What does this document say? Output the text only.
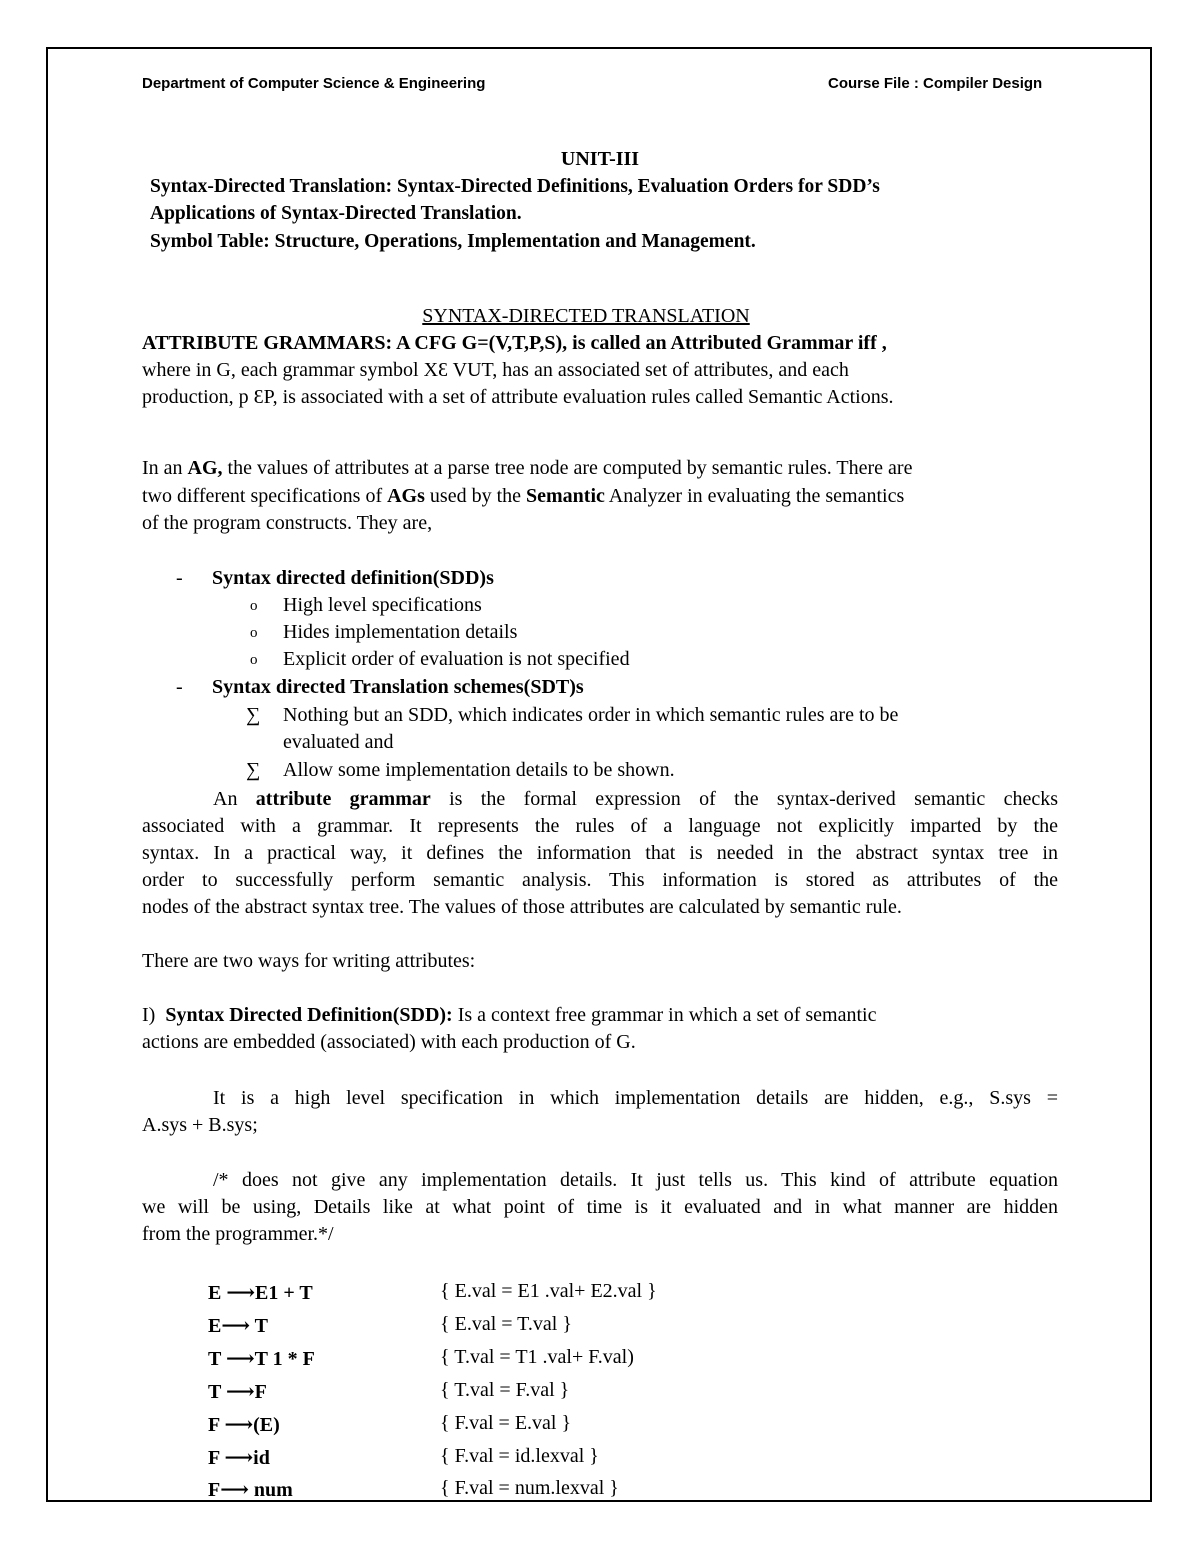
Department of Computer Science & Engineering	Course File : Compiler Design
UNIT-III
Syntax-Directed Translation: Syntax-Directed Definitions, Evaluation Orders for SDD’s
Applications of Syntax-Directed Translation.
Symbol Table: Structure, Operations, Implementation and Management.
SYNTAX-DIRECTED TRANSLATION
ATTRIBUTE GRAMMARS: A CFG G=(V,T,P,S), is called an Attributed Grammar iff ,
where in G, each grammar symbol XƐ VUT, has an associated set of attributes, and each
production, p ƐP, is associated with a set of attribute evaluation rules called Semantic Actions.
In an AG, the values of attributes at a parse tree node are computed by semantic rules. There are
two different specifications of AGs used by the Semantic Analyzer in evaluating the semantics
of the program constructs. They are,
- Syntax directed definition(SDD)s
o High level specifications
o Hides implementation details
o Explicit order of evaluation is not specified
- Syntax directed Translation schemes(SDT)s
∑ Nothing but an SDD, which indicates order in which semantic rules are to be
evaluated and
∑ Allow some implementation details to be shown.
An attribute grammar is the formal expression of the syntax-derived semantic checks
associated with a grammar. It represents the rules of a language not explicitly imparted by the
syntax. In a practical way, it defines the information that is needed in the abstract syntax tree in
order to successfully perform semantic analysis. This information is stored as attributes of the
nodes of the abstract syntax tree. The values of those attributes are calculated by semantic rule.
There are two ways for writing attributes:
I) Syntax Directed Definition(SDD): Is a context free grammar in which a set of semantic
actions are embedded (associated) with each production of G.
It is a high level specification in which implementation details are hidden, e.g., S.sys =
A.sys + B.sys;
/* does not give any implementation details. It just tells us. This kind of attribute equation
we will be using, Details like at what point of time is it evaluated and in what manner are hidden
from the programmer.*/
E ⟶E1 + T	{ E.val = E1 .val+ E2.val }
E⟶ T	{ E.val = T.val }
T ⟶T 1 * F	{ T.val = T1 .val+ F.val)
T ⟶F	{ T.val = F.val }
F ⟶(E)	{ F.val = E.val }
F ⟶id	{ F.val = id.lexval }
F⟶ num	{ F.val = num.lexval }
